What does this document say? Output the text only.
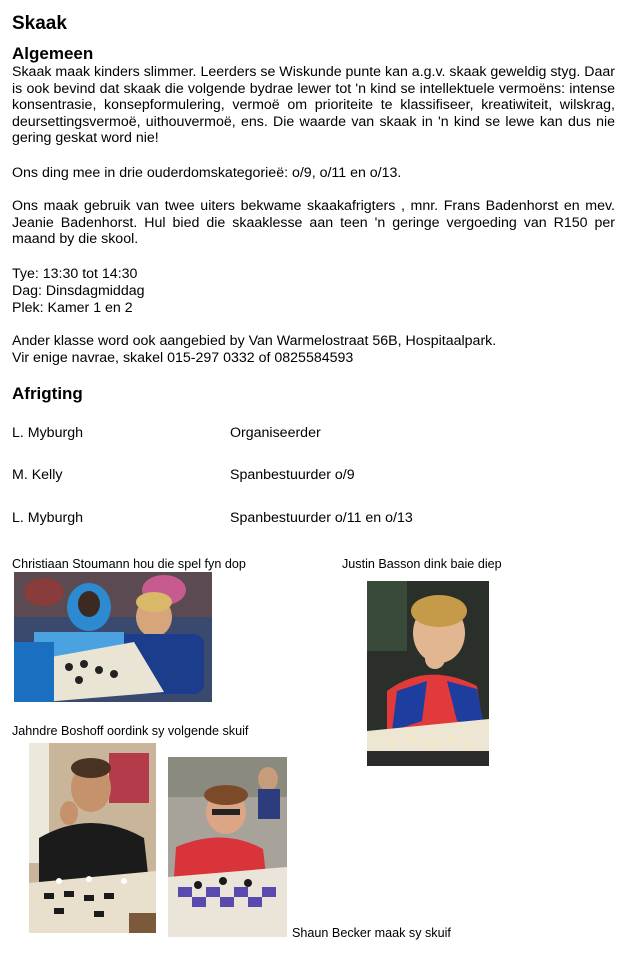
Skaak
Algemeen
Skaak maak kinders slimmer. Leerders se Wiskunde punte kan a.g.v. skaak geweldig styg. Daar is ook bevind dat skaak die volgende bydrae lewer tot 'n kind se intellektuele vermoëns: intense konsentrasie, konsepformulering, vermoë om prioriteite te klassifiseer, kreatiwiteit, wilskrag, deursettingsvermoë, uithouvermoë, ens. Die waarde van skaak in 'n kind se lewe kan dus nie gering geskat word nie!
Ons ding mee in drie ouderdomskategorieë: o/9, o/11 en o/13.
Ons maak gebruik van twee uiters bekwame skaakafrigters , mnr. Frans Badenhorst en mev. Jeanie Badenhorst. Hul bied die skaaklesse aan teen 'n geringe vergoeding van R150 per maand by die skool.
Tye: 13:30 tot 14:30
Dag: Dinsdagmiddag
Plek: Kamer 1 en 2
Ander klasse word ook aangebied by Van Warmelostraat 56B, Hospitaalpark.
Vir enige navrae, skakel 015-297 0332 of 0825584593
Afrigting
L. Myburgh	Organiseerder
M. Kelly	Spanbestuurder o/9
L. Myburgh	Spanbestuurder o/11 en o/13
Christiaan Stoumann hou die spel fyn dop	Justin Basson dink baie diep
Jahndre Boshoff oordink sy volgende skuif
Shaun Becker maak sy skuif
